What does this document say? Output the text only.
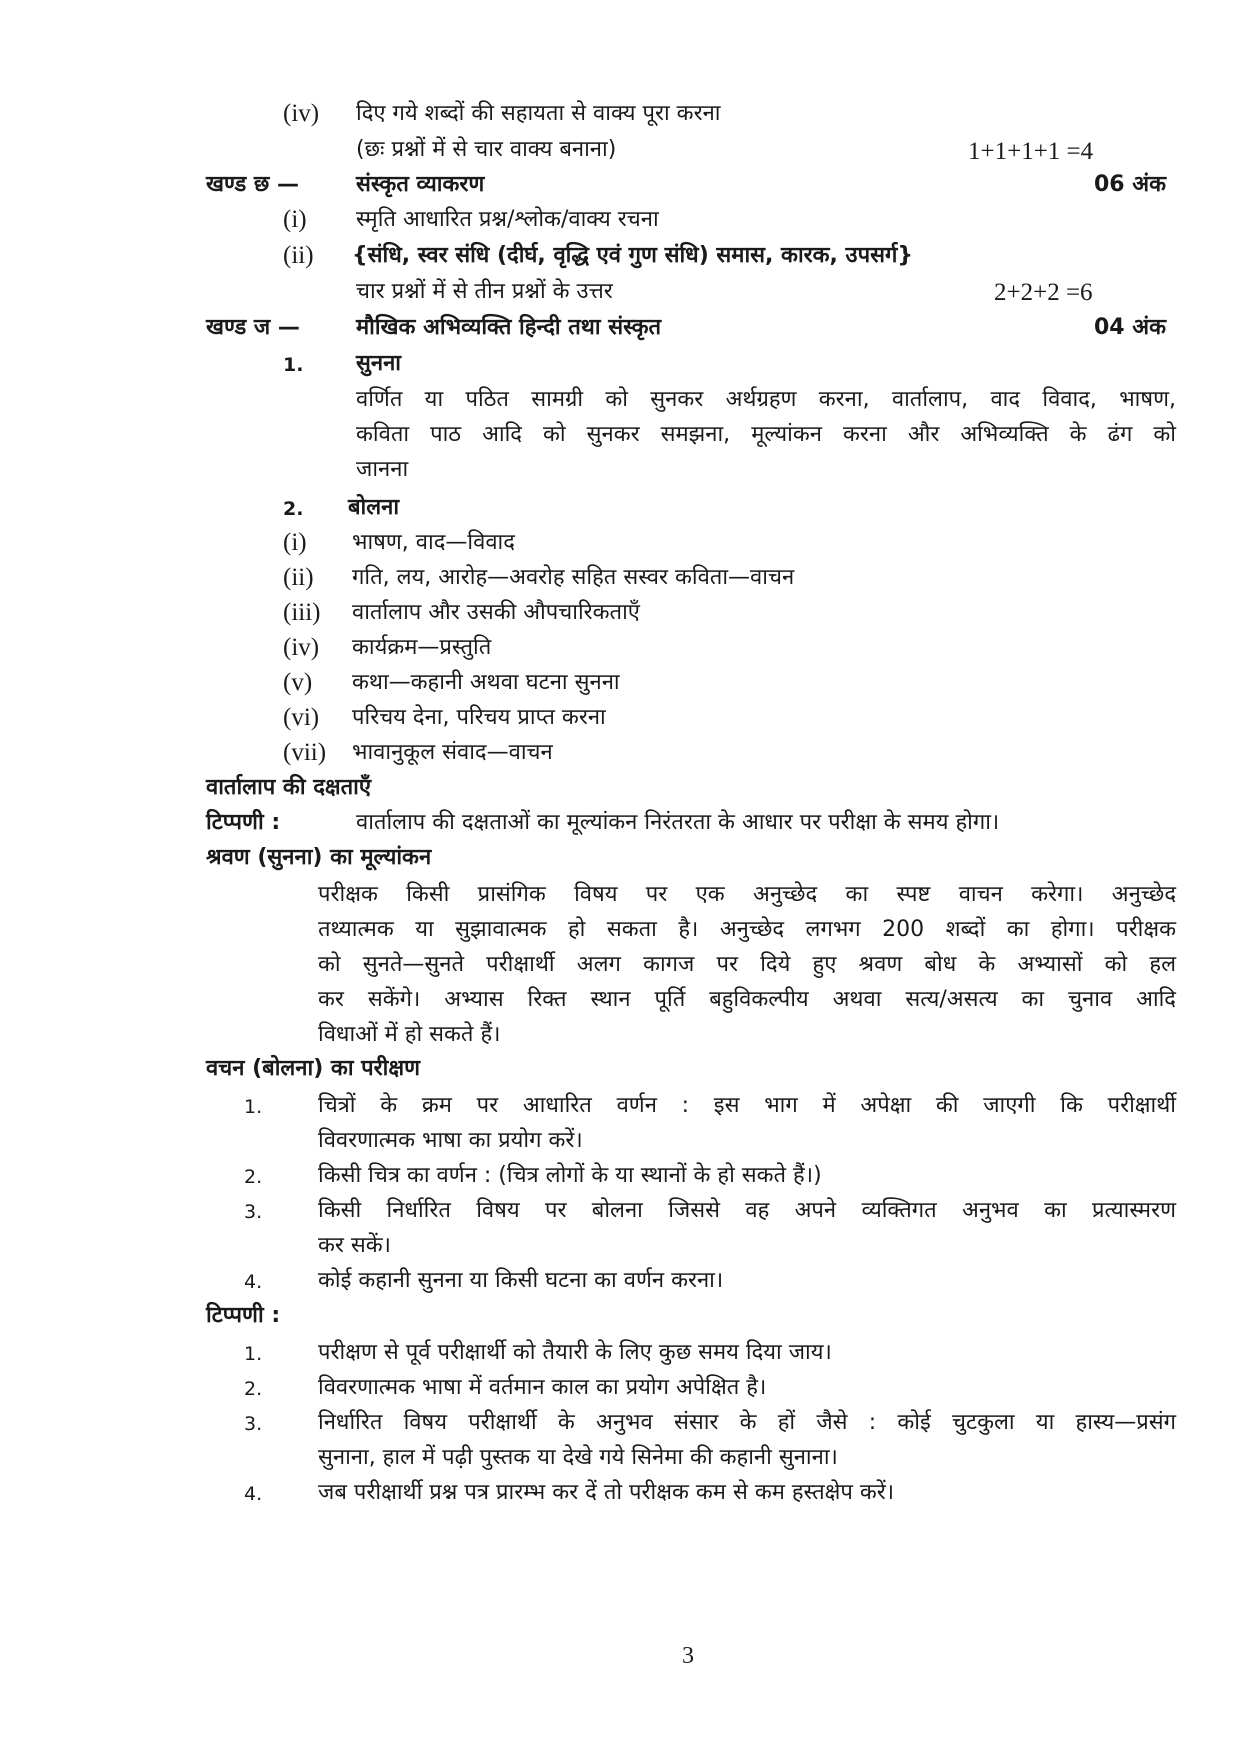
(iv) दिए गये शब्दों की सहायता से वाक्य पूरा करना
(छः प्रश्नों में से चार वाक्य बनाना)	1+1+1+1 =4
खण्ड छ —	संस्कृत व्याकरण	06 अंक
(i) स्मृति आधारित प्रश्न/श्लोक/वाक्य रचना
(ii) {संधि, स्वर संधि (दीर्घ, वृद्धि एवं गुण संधि) समास, कारक, उपसर्ग}
चार प्रश्नों में से तीन प्रश्नों के उत्तर	2+2+2 =6
खण्ड ज —	मौखिक अभिव्यक्ति हिन्दी तथा संस्कृत	04 अंक
1. सुनना
वर्णित या पठित सामग्री को सुनकर अर्थग्रहण करना, वार्तालाप, वाद विवाद, भाषण,
कविता पाठ आदि को सुनकर समझना, मूल्यांकन करना और अभिव्यक्ति के ढंग को
जानना
2. बोलना
(i) भाषण, वाद—विवाद
(ii) गति, लय, आरोह—अवरोह सहित सस्वर कविता—वाचन
(iii) वार्तालाप और उसकी औपचारिकताएँ
(iv) कार्यक्रम—प्रस्तुति
(v) कथा—कहानी अथवा घटना सुनना
(vi) परिचय देना, परिचय प्राप्त करना
(vii) भावानुकूल संवाद—वाचन
वार्तालाप की दक्षताएँ
टिप्पणी :	वार्तालाप की दक्षताओं का मूल्यांकन निरंतरता के आधार पर परीक्षा के समय होगा।
श्रवण (सुनना) का मूल्यांकन
परीक्षक किसी प्रासंगिक विषय पर एक अनुच्छेद का स्पष्ट वाचन करेगा। अनुच्छेद
तथ्यात्मक या सुझावात्मक हो सकता है। अनुच्छेद लगभग 200 शब्दों का होगा। परीक्षक
को सुनते—सुनते परीक्षार्थी अलग कागज पर दिये हुए श्रवण बोध के अभ्यासों को हल
कर सकेंगे। अभ्यास रिक्त स्थान पूर्ति बहुविकल्पीय अथवा सत्य/असत्य का चुनाव आदि
विधाओं में हो सकते हैं।
वचन (बोलना) का परीक्षण
1.	चित्रों के क्रम पर आधारित वर्णन : इस भाग में अपेक्षा की जाएगी कि परीक्षार्थी
विवरणात्मक भाषा का प्रयोग करें।
2.	किसी चित्र का वर्णन : (चित्र लोगों के या स्थानों के हो सकते हैं।)
3.	किसी निर्धारित विषय पर बोलना जिससे वह अपने व्यक्तिगत अनुभव का प्रत्यास्मरण
कर सकें।
4.	कोई कहानी सुनना या किसी घटना का वर्णन करना।
टिप्पणी :
1.	परीक्षण से पूर्व परीक्षार्थी को तैयारी के लिए कुछ समय दिया जाय।
2.	विवरणात्मक भाषा में वर्तमान काल का प्रयोग अपेक्षित है।
3.	निर्धारित विषय परीक्षार्थी के अनुभव संसार के हों जैसे : कोई चुटकुला या हास्य—प्रसंग
सुनाना, हाल में पढ़ी पुस्तक या देखे गये सिनेमा की कहानी सुनाना।
4.	जब परीक्षार्थी प्रश्न पत्र प्रारम्भ कर दें तो परीक्षक कम से कम हस्तक्षेप करें।
3
